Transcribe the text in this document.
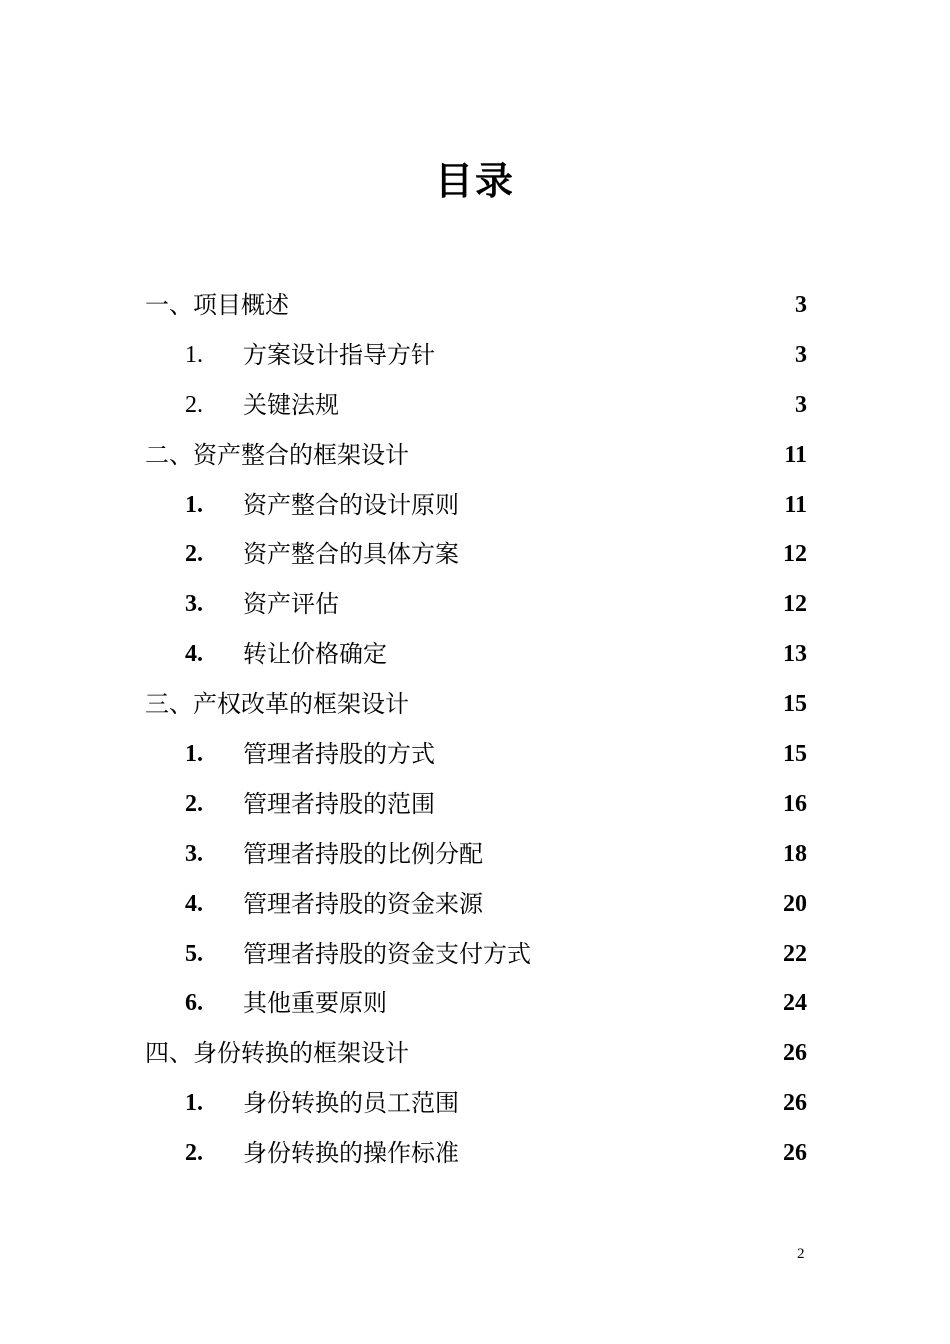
目录
一、项目概述	3
1. 方案设计指导方针	3
2. 关键法规	3
二、资产整合的框架设计	11
1. 资产整合的设计原则	11
2. 资产整合的具体方案	12
3. 资产评估	12
4. 转让价格确定	13
三、产权改革的框架设计	15
1. 管理者持股的方式	15
2. 管理者持股的范围	16
3. 管理者持股的比例分配	18
4. 管理者持股的资金来源	20
5. 管理者持股的资金支付方式	22
6. 其他重要原则	24
四、身份转换的框架设计	26
1. 身份转换的员工范围	26
2. 身份转换的操作标准	26
2
